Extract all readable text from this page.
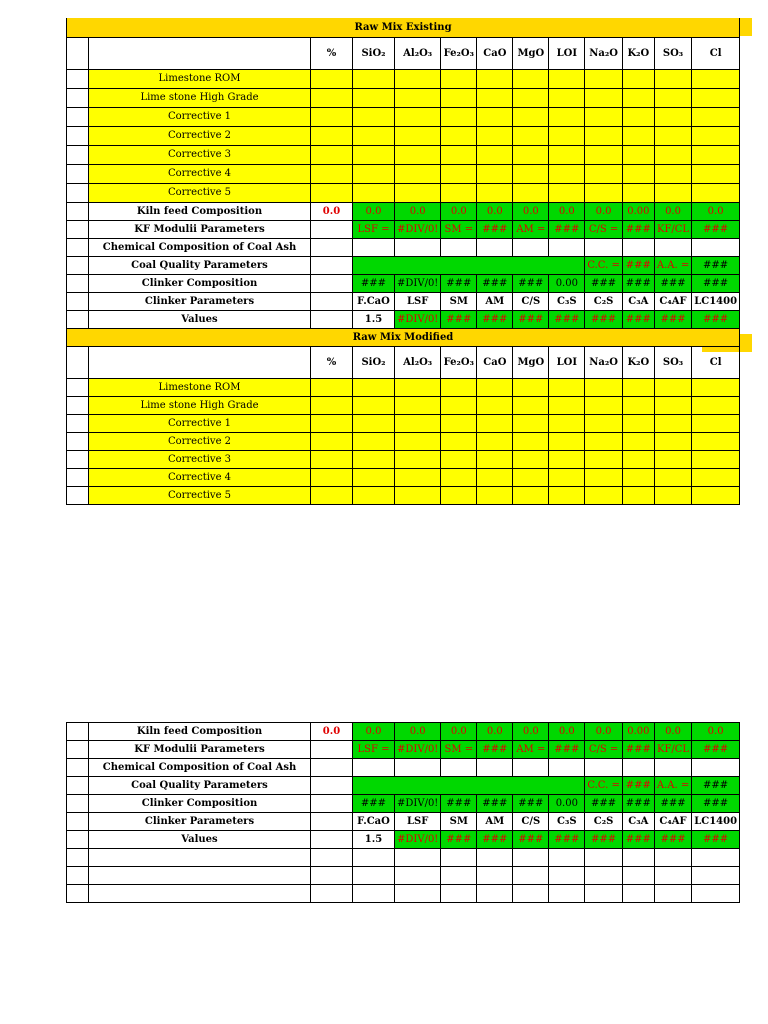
Raw Mix Existing												
		%	SiO₂	Al₂O₃	Fe₂O₃	CaO	MgO	LOI	Na₂O	K₂O	SO₃	Cl
	Limestone ROM											
	Lime stone High Grade											
	Corrective 1											
	Corrective 2											
	Corrective 3											
	Corrective 4											
	Corrective 5											
	Kiln feed Composition	0.0	0.0	0.0	0.0	0.0	0.0	0.0	0.0	0.00	0.0	0.0
	KF Modulii Parameters		LSF =	#DIV/0!	SM =	###	AM =	###	C/S =	###	KF/CL	###
	Chemical Composition of Coal Ash											
	Coal Quality Parameters								C.C. =	###	A.A. =	###
	Clinker Composition		###	#DIV/0!	###	###	###	0.00	###	###	###	###
	Clinker Parameters		F.CaO	LSF	SM	AM	C/S	C₃S	C₂S	C₃A	C₄AF	LC1400
	Values		1.5	#DIV/0!	###	###	###	###	###	###	###	###
Raw Mix Modified												
		%	SiO₂	Al₂O₃	Fe₂O₃	CaO	MgO	LOI	Na₂O	K₂O	SO₃	Cl
	Limestone ROM											
	Lime stone High Grade											
	Corrective 1											
	Corrective 2											
	Corrective 3											
	Corrective 4											
	Corrective 5											
	Kiln feed Composition	0.0	0.0	0.0	0.0	0.0	0.0	0.0	0.0	0.00	0.0	0.0
	KF Modulii Parameters		LSF =	#DIV/0!	SM =	###	AM =	###	C/S =	###	KF/CL	###
	Chemical Composition of Coal Ash											
	Coal Quality Parameters								C.C. =	###	A.A. =	###
	Clinker Composition		###	#DIV/0!	###	###	###	0.00	###	###	###	###
	Clinker Parameters		F.CaO	LSF	SM	AM	C/S	C₃S	C₂S	C₃A	C₄AF	LC1400
	Values		1.5	#DIV/0!	###	###	###	###	###	###	###	###
